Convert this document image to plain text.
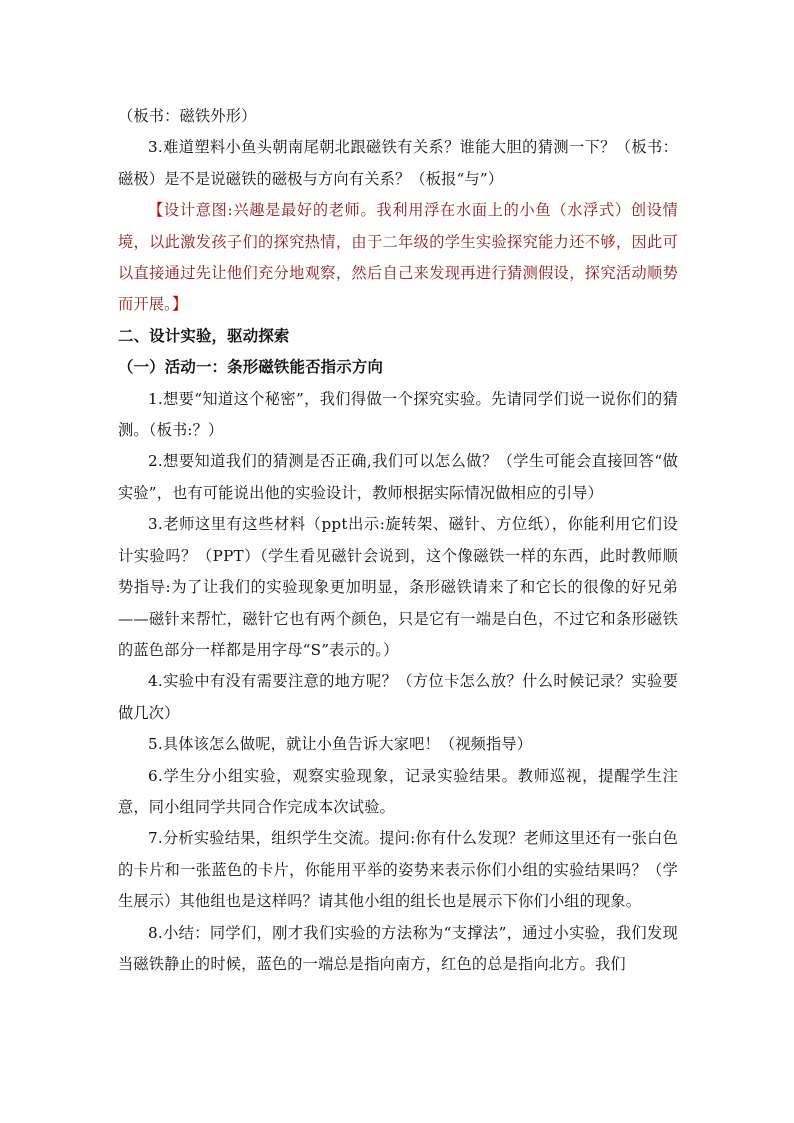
（板书：磁铁外形）

3.难道塑料小鱼头朝南尾朝北跟磁铁有关系？谁能大胆的猜测一下？（板书：磁极）是不是说磁铁的磁极与方向有关系？（板报“与”）

【设计意图:兴趣是最好的老师。我利用浮在水面上的小鱼（水浮式）创设情境，以此激发孩子们的探究热情，由于二年级的学生实验探究能力还不够，因此可以直接通过先让他们充分地观察，然后自己来发现再进行猜测假设，探究活动顺势而开展。】

二、设计实验，驱动探索

（一）活动一：条形磁铁能否指示方向

1.想要“知道这个秘密”，我们得做一个探究实验。先请同学们说一说你们的猜测。（板书:？）

2.想要知道我们的猜测是否正确,我们可以怎么做？（学生可能会直接回答“做实验”，也有可能说出他的实验设计，教师根据实际情况做相应的引导）

3.老师这里有这些材料（ppt出示:旋转架、磁针、方位纸），你能利用它们设计实验吗？（PPT）（学生看见磁针会说到，这个像磁铁一样的东西，此时教师顺势指导:为了让我们的实验现象更加明显，条形磁铁请来了和它长的很像的好兄弟——磁针来帮忙，磁针它也有两个颜色，只是它有一端是白色，不过它和条形磁铁的蓝色部分一样都是用字母“S”表示的。）

4.实验中有没有需要注意的地方呢？（方位卡怎么放？什么时候记录？实验要做几次）

5.具体该怎么做呢，就让小鱼告诉大家吧！（视频指导）

6.学生分小组实验，观察实验现象，记录实验结果。教师巡视，提醒学生注意，同小组同学共同合作完成本次试验。

7.分析实验结果，组织学生交流。提问:你有什么发现？老师这里还有一张白色的卡片和一张蓝色的卡片，你能用平举的姿势来表示你们小组的实验结果吗？（学生展示）其他组也是这样吗？请其他小组的组长也是展示下你们小组的现象。

8.小结：同学们，刚才我们实验的方法称为“支撑法”，通过小实验，我们发现当磁铁静止的时候，蓝色的一端总是指向南方，红色的总是指向北方。我们
